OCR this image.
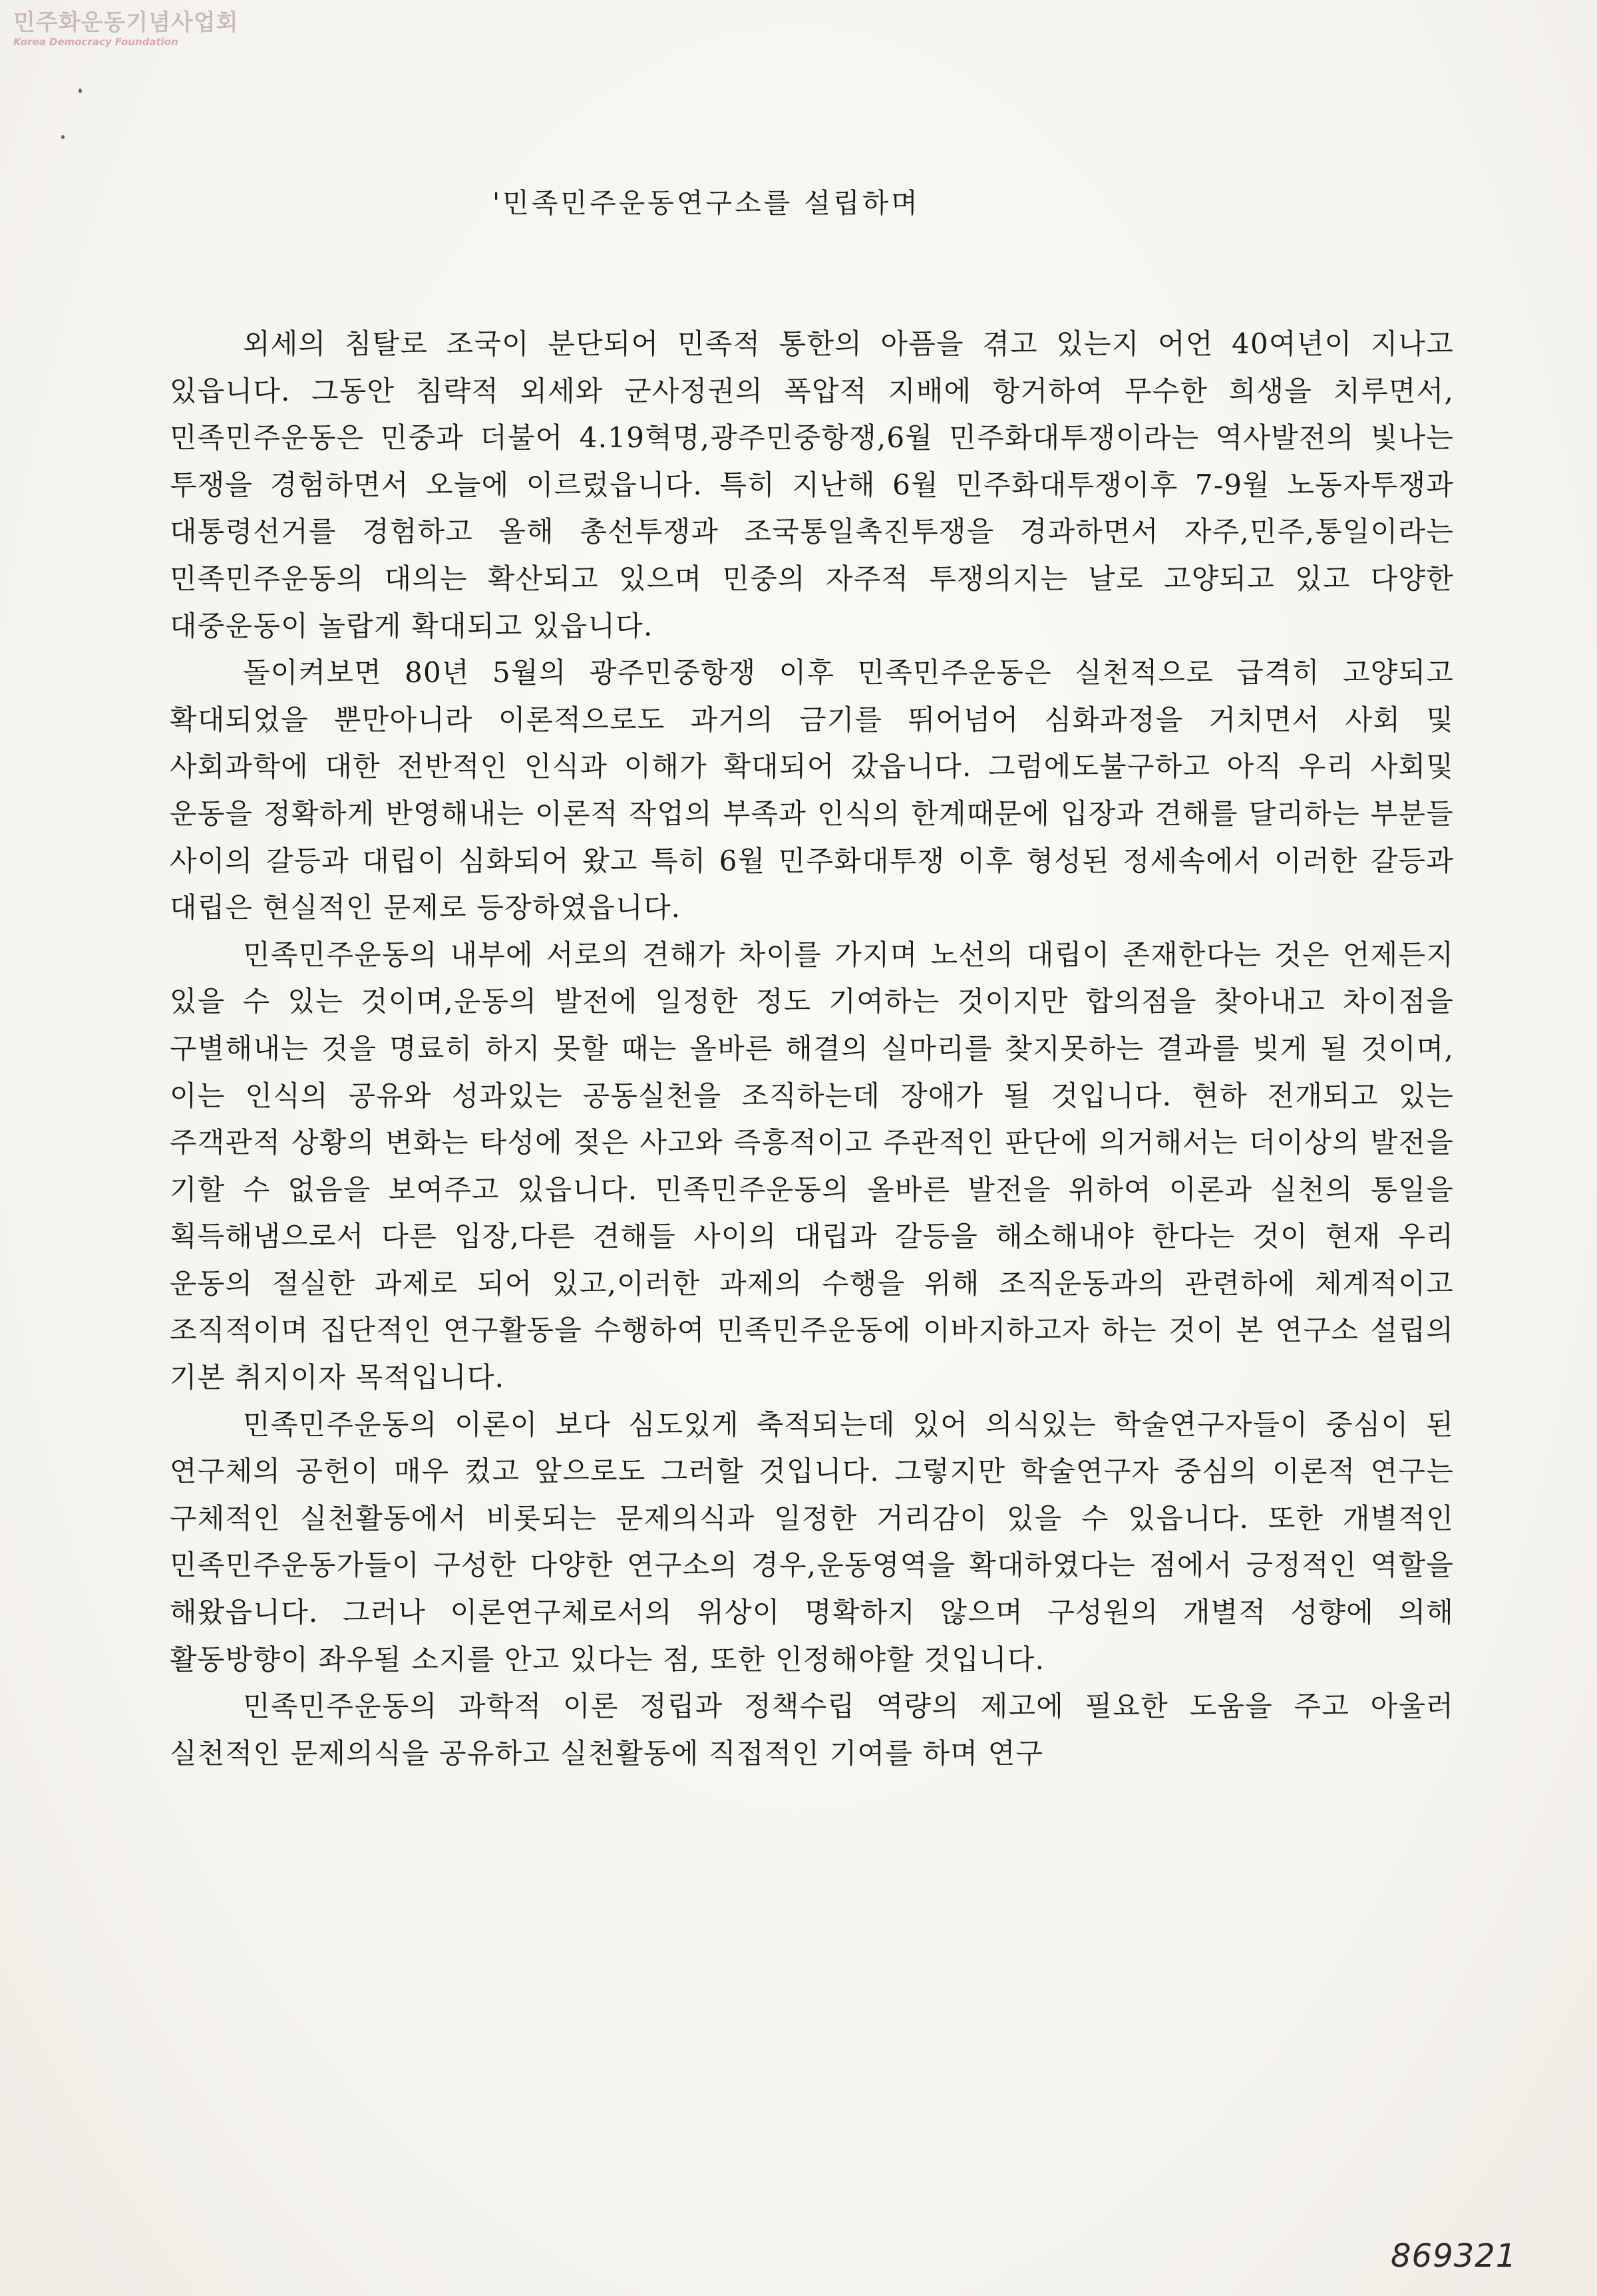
민주화운동기념사업회
Korea Democracy Foundation
'민족민주운동연구소를 설립하며

외세의 침탈로 조국이 분단되어 민족적 통한의 아픔을 겪고 있는지 어언 40여년이 지나고 있읍니다. 그동안 침략적 외세와 군사정권의 폭압적 지배에 항거하여 무수한 희생을 치루면서,민족민주운동은 민중과 더불어 4.19혁명,광주민중항쟁,6월 민주화대투쟁이라는 역사발전의 빛나는 투쟁을 경험하면서 오늘에 이르렀읍니다. 특히 지난해 6월 민주화대투쟁이후 7-9월 노동자투쟁과 대통령선거를 경험하고 올해 총선투쟁과 조국통일촉진투쟁을 경과하면서 자주,민주,통일이라는 민족민주운동의 대의는 확산되고 있으며 민중의 자주적 투쟁의지는 날로 고양되고 있고 다양한 대중운동이 놀랍게 확대되고 있읍니다.

돌이켜보면 80년 5월의 광주민중항쟁 이후 민족민주운동은 실천적으로 급격히 고양되고 확대되었을 뿐만아니라 이론적으로도 과거의 금기를 뛰어넘어 심화과정을 거치면서 사회 및 사회과학에 대한 전반적인 인식과 이해가 확대되어 갔읍니다. 그럼에도불구하고 아직 우리 사회및 운동을 정확하게 반영해내는 이론적 작업의 부족과 인식의 한계때문에 입장과 견해를 달리하는 부분들 사이의 갈등과 대립이 심화되어 왔고 특히 6월 민주화대투쟁 이후 형성된 정세속에서 이러한 갈등과 대립은 현실적인 문제로 등장하였읍니다.

민족민주운동의 내부에 서로의 견해가 차이를 가지며 노선의 대립이 존재한다는 것은 언제든지 있을 수 있는 것이며,운동의 발전에 일정한 정도 기여하는 것이지만 합의점을 찾아내고 차이점을 구별해내는 것을 명료히 하지 못할 때는 올바른 해결의 실마리를 찾지못하는 결과를 빚게 될 것이며,이는 인식의 공유와 성과있는 공동실천을 조직하는데 장애가 될 것입니다. 현하 전개되고 있는 주객관적 상황의 변화는 타성에 젖은 사고와 즉흥적이고 주관적인 판단에 의거해서는 더이상의 발전을 기할 수 없음을 보여주고 있읍니다. 민족민주운동의 올바른 발전을 위하여 이론과 실천의 통일을 획득해냄으로서 다른 입장,다른 견해들 사이의 대립과 갈등을 해소해내야 한다는 것이 현재 우리 운동의 절실한 과제로 되어 있고,이러한 과제의 수행을 위해 조직운동과의 관련하에 체계적이고 조직적이며 집단적인 연구활동을 수행하여 민족민주운동에 이바지하고자 하는 것이 본 연구소 설립의 기본 취지이자 목적입니다.

민족민주운동의 이론이 보다 심도있게 축적되는데 있어 의식있는 학술연구자들이 중심이 된 연구체의 공헌이 매우 컸고 앞으로도 그러할 것입니다. 그렇지만 학술연구자 중심의 이론적 연구는 구체적인 실천활동에서 비롯되는 문제의식과 일정한 거리감이 있을 수 있읍니다. 또한 개별적인 민족민주운동가들이 구성한 다양한 연구소의 경우,운동영역을 확대하였다는 점에서 긍정적인 역할을 해왔읍니다. 그러나 이론연구체로서의 위상이 명확하지 않으며 구성원의 개별적 성향에 의해 활동방향이 좌우될 소지를 안고 있다는 점, 또한 인정해야할 것입니다.

민족민주운동의 과학적 이론 정립과 정책수립 역량의 제고에 필요한 도움을 주고 아울러 실천적인 문제의식을 공유하고 실천활동에 직접적인 기여를 하며 연구

869321
